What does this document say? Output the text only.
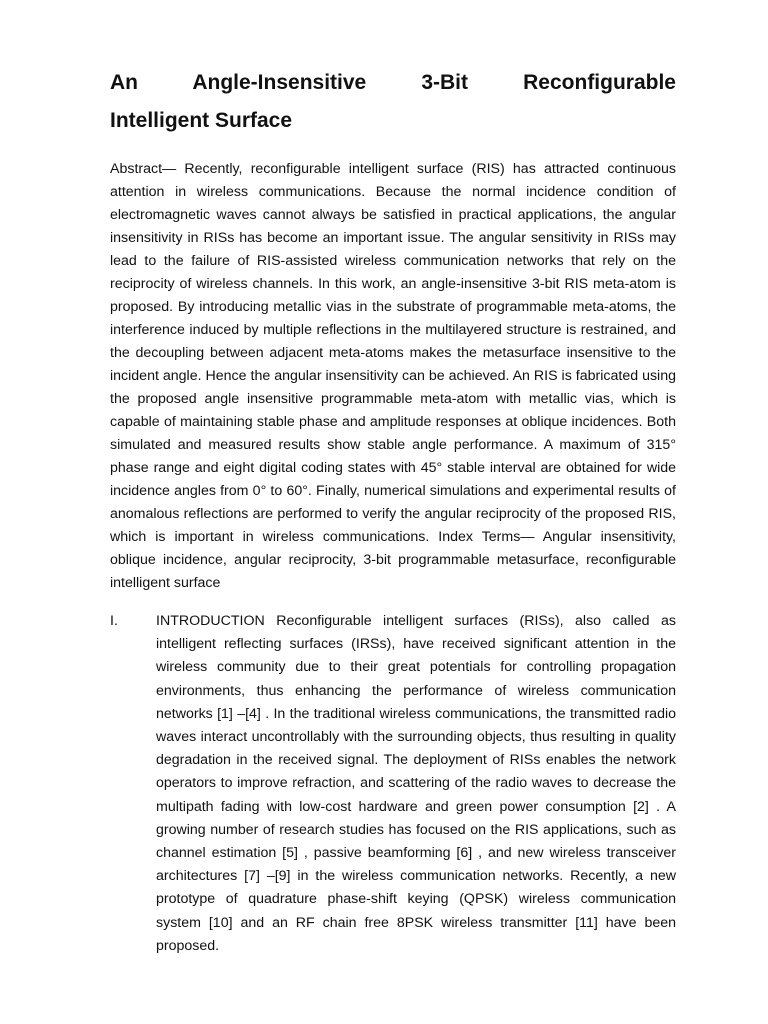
An Angle-Insensitive 3-Bit Reconfigurable
Intelligent Surface

Abstract— Recently, reconfigurable intelligent surface (RIS) has attracted continuous attention in wireless communications. Because the normal incidence condition of electromagnetic waves cannot always be satisfied in practical applications, the angular insensitivity in RISs has become an important issue. The angular sensitivity in RISs may lead to the failure of RIS-assisted wireless communication networks that rely on the reciprocity of wireless channels. In this work, an angle-insensitive 3-bit RIS meta-atom is proposed. By introducing metallic vias in the substrate of programmable meta-atoms, the interference induced by multiple reflections in the multilayered structure is restrained, and the decoupling between adjacent meta-atoms makes the metasurface insensitive to the incident angle. Hence the angular insensitivity can be achieved. An RIS is fabricated using the proposed angle insensitive programmable meta-atom with metallic vias, which is capable of maintaining stable phase and amplitude responses at oblique incidences. Both simulated and measured results show stable angle performance. A maximum of 315° phase range and eight digital coding states with 45° stable interval are obtained for wide incidence angles from 0° to 60°. Finally, numerical simulations and experimental results of anomalous reflections are performed to verify the angular reciprocity of the proposed RIS, which is important in wireless communications. Index Terms— Angular insensitivity, oblique incidence, angular reciprocity, 3-bit programmable metasurface, reconfigurable intelligent surface

I.	INTRODUCTION Reconfigurable intelligent surfaces (RISs), also called as intelligent reflecting surfaces (IRSs), have received significant attention in the wireless community due to their great potentials for controlling propagation environments, thus enhancing the performance of wireless communication networks [1] –[4] . In the traditional wireless communications, the transmitted radio waves interact uncontrollably with the surrounding objects, thus resulting in quality degradation in the received signal. The deployment of RISs enables the network operators to improve refraction, and scattering of the radio waves to decrease the multipath fading with low-cost hardware and green power consumption [2] . A growing number of research studies has focused on the RIS applications, such as channel estimation [5] , passive beamforming [6] , and new wireless transceiver architectures [7] –[9] in the wireless communication networks. Recently, a new prototype of quadrature phase-shift keying (QPSK) wireless communication system [10] and an RF chain free 8PSK wireless transmitter [11] have been proposed.
